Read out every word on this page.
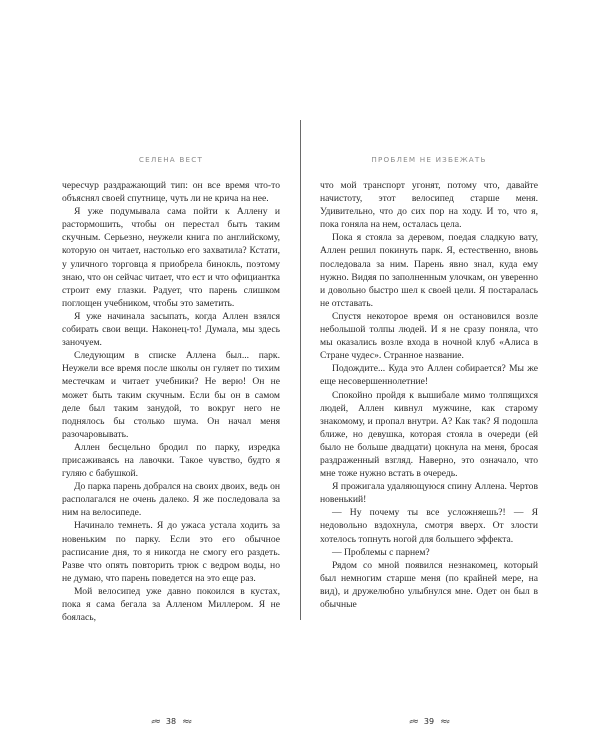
СЕЛЕНА ВЕСТ

чересчур раздражающий тип: он все время что-то объяснял своей спутнице, чуть ли не крича на нее.

Я уже подумывала сама пойти к Аллену и растормошить, чтобы он перестал быть таким скучным. Серьезно, неужели книга по английскому, которую он читает, настолько его захватила? Кстати, у уличного торговца я приобрела бинокль, поэтому знаю, что он сейчас читает, что ест и что официантка строит ему глазки. Радует, что парень слишком поглощен учебником, чтобы это заметить.

Я уже начинала засыпать, когда Аллен взялся собирать свои вещи. Наконец-то! Думала, мы здесь заночуем.

Следующим в списке Аллена был... парк. Неужели все время после школы он гуляет по тихим местечкам и читает учебники? Не верю! Он не может быть таким скучным. Если бы он в самом деле был таким занудой, то вокруг него не поднялось бы столько шума. Он начал меня разочаровывать.

Аллен бесцельно бродил по парку, изредка присаживаясь на лавочки. Такое чувство, будто я гуляю с бабушкой.

До парка парень добрался на своих двоих, ведь он располагался не очень далеко. Я же последовала за ним на велосипеде.

Начинало темнеть. Я до ужаса устала ходить за новеньким по парку. Если это его обычное расписание дня, то я никогда не смогу его раздеть. Разве что опять повторить трюк с ведром воды, но не думаю, что парень поведется на это еще раз.

Мой велосипед уже давно покоился в кустах, пока я сама бегала за Алленом Миллером. Я не боялась,

⸗≈ 38 ≈⸗
ПРОБЛЕМ НЕ ИЗБЕЖАТЬ

что мой транспорт угонят, потому что, давайте начистоту, этот велосипед старше меня. Удивительно, что до сих пор на ходу. И то, что я, пока гоняла на нем, осталась цела.

Пока я стояла за деревом, поедая сладкую вату, Аллен решил покинуть парк. Я, естественно, вновь последовала за ним. Парень явно знал, куда ему нужно. Видяя по заполненным улочкам, он уверенно и довольно быстро шел к своей цели. Я постаралась не отставать.

Спустя некоторое время он остановился возле небольшой толпы людей. И я не сразу поняла, что мы оказались возле входа в ночной клуб «Алиса в Стране чудес». Странное название.

Подождите... Куда это Аллен собирается? Мы же еще несовершеннолетние!

Спокойно пройдя к вышибале мимо толпящихся людей, Аллен кивнул мужчине, как старому знакомому, и пропал внутри. А? Как так? Я подошла ближе, но девушка, которая стояла в очереди (ей было не больше двадцати) цокнула на меня, бросая раздраженный взгляд. Наверно, это означало, что мне тоже нужно встать в очередь.

Я прожигала удаляющуюся спину Аллена. Чертов новенький!

— Ну почему ты все усложняешь?! — Я недовольно вздохнула, смотря вверх. От злости хотелось топнуть ногой для большего эффекта.

— Проблемы с парнем?

Рядом со мной появился незнакомец, который был немногим старше меня (по крайней мере, на вид), и дружелюбно улыбнулся мне. Одет он был в обычные

⸗≈ 39 ≈⸗
